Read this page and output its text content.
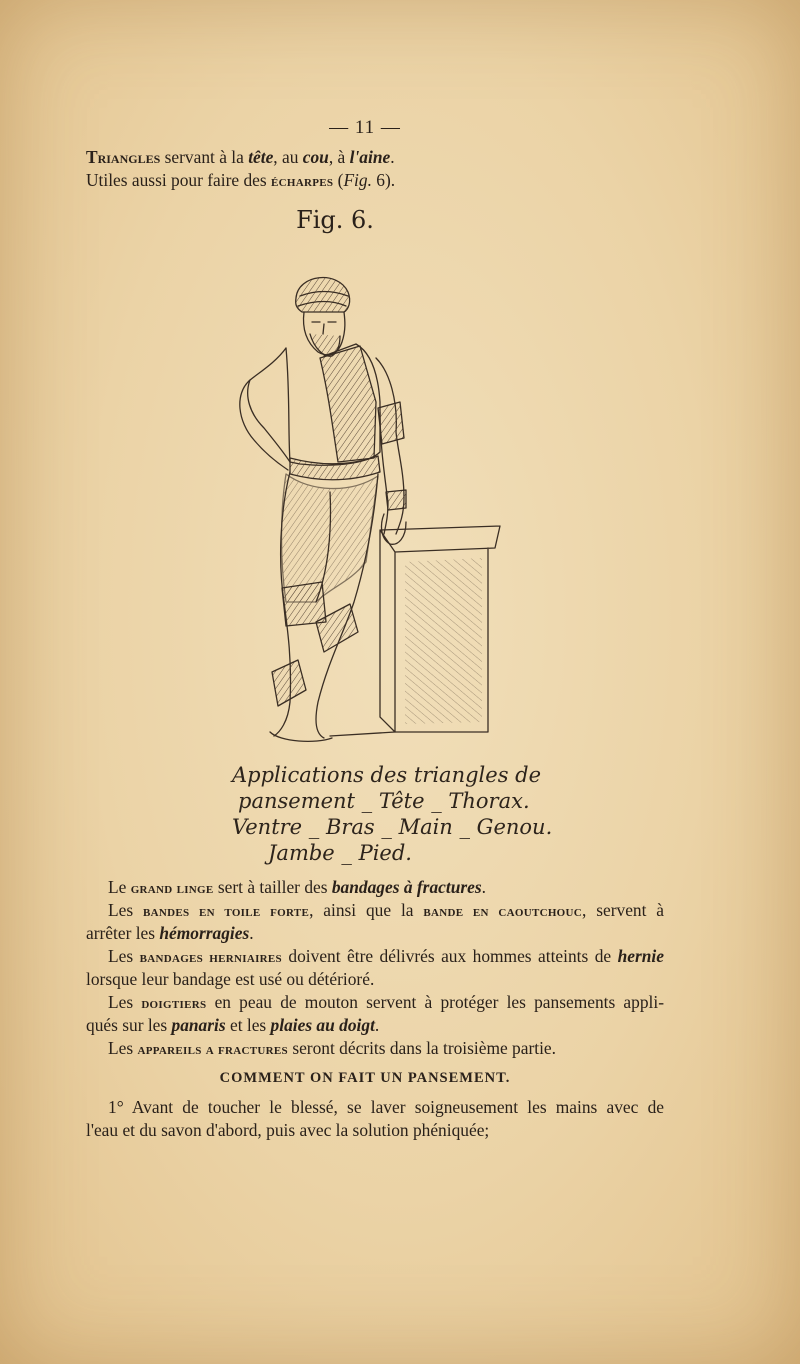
— 11 —
Triangles servant à la tête, au cou, à l'aine.
Utiles aussi pour faire des écharpes (Fig. 6).
Fig. 6.
Applications des triangles de
pansement _ Tête _ Thorax.
Ventre _ Bras _ Main _ Genou.
Jambe _ Pied.
Le grand linge sert à tailler des bandages à fractures.
Les bandes en toile forte, ainsi que la bande en caoutchouc, servent à
arrêter les hémorragies.
Les bandages herniaires doivent être délivrés aux hommes atteints de hernie
lorsque leur bandage est usé ou détérioré.
Les doigtiers en peau de mouton servent à protéger les pansements appli-
qués sur les panaris et les plaies au doigt.
Les appareils a fractures seront décrits dans la troisième partie.
COMMENT ON FAIT UN PANSEMENT.
1° Avant de toucher le blessé, se laver soigneusement les mains avec de
l'eau et du savon d'abord, puis avec la solution phéniquée;
